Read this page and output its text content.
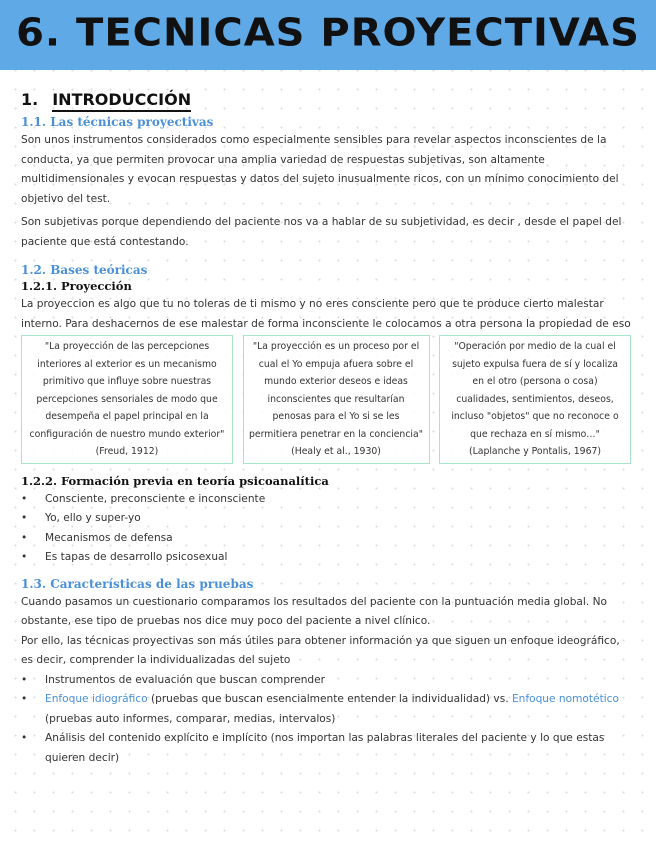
6. TECNICAS PROYECTIVAS
1. INTRODUCCIÓN
1.1. Las técnicas proyectivas

Son unos instrumentos considerados como especialmente sensibles para revelar aspectos inconscientes de la conducta, ya que permiten provocar una amplia variedad de respuestas subjetivas, son altamente multidimensionales y evocan respuestas y datos del sujeto inusualmente ricos, con un mínimo conocimiento del objetivo del test.

Son subjetivas porque dependiendo del paciente nos va a hablar de su subjetividad, es decir , desde el papel del paciente que está contestando.

1.2. Bases teóricas
1.2.1. Proyección

La proyeccion es algo que tu no toleras de ti mismo y no eres consciente pero que te produce cierto malestar interno. Para deshacernos de ese malestar de forma inconsciente le colocamos a otra persona la propiedad de eso

"La proyección de las percepciones interiores al exterior es un mecanismo primitivo que influye sobre nuestras percepciones sensoriales de modo que desempeña el papel principal en la configuración de nuestro mundo exterior" (Freud, 1912)
"La proyección es un proceso por el cual el Yo empuja afuera sobre el mundo exterior deseos e ideas inconscientes que resultarían penosas para el Yo si se les permitiera penetrar en la conciencia" (Healy et al., 1930)
"Operación por medio de la cual el sujeto expulsa fuera de sí y localiza en el otro (persona o cosa) cualidades, sentimientos, deseos, incluso "objetos" que no reconoce o que rechaza en sí mismo…" (Laplanche y Pontalis, 1967)
1.2.2. Formación previa en teoría psicoanalítica
• Consciente, preconsciente e inconsciente
• Yo, ello y super-yo
• Mecanismos de defensa
• Es tapas de desarrollo psicosexual
1.3. Características de las pruebas

Cuando pasamos un cuestionario comparamos los resultados del paciente con la puntuación media global. No obstante, ese tipo de pruebas nos dice muy poco del paciente a nivel clínico.

Por ello, las técnicas proyectivas son más útiles para obtener información ya que siguen un enfoque ideográfico, es decir, comprender la individualizadas del sujeto

• Instrumentos de evaluación que buscan comprender
• Enfoque idiográfico (pruebas que buscan esencialmente entender la individualidad) vs. Enfoque nomotético (pruebas auto informes, comparar, medias, intervalos)
• Análisis del contenido explícito e implícito (nos importan las palabras literales del paciente y lo que estas quieren decir)
